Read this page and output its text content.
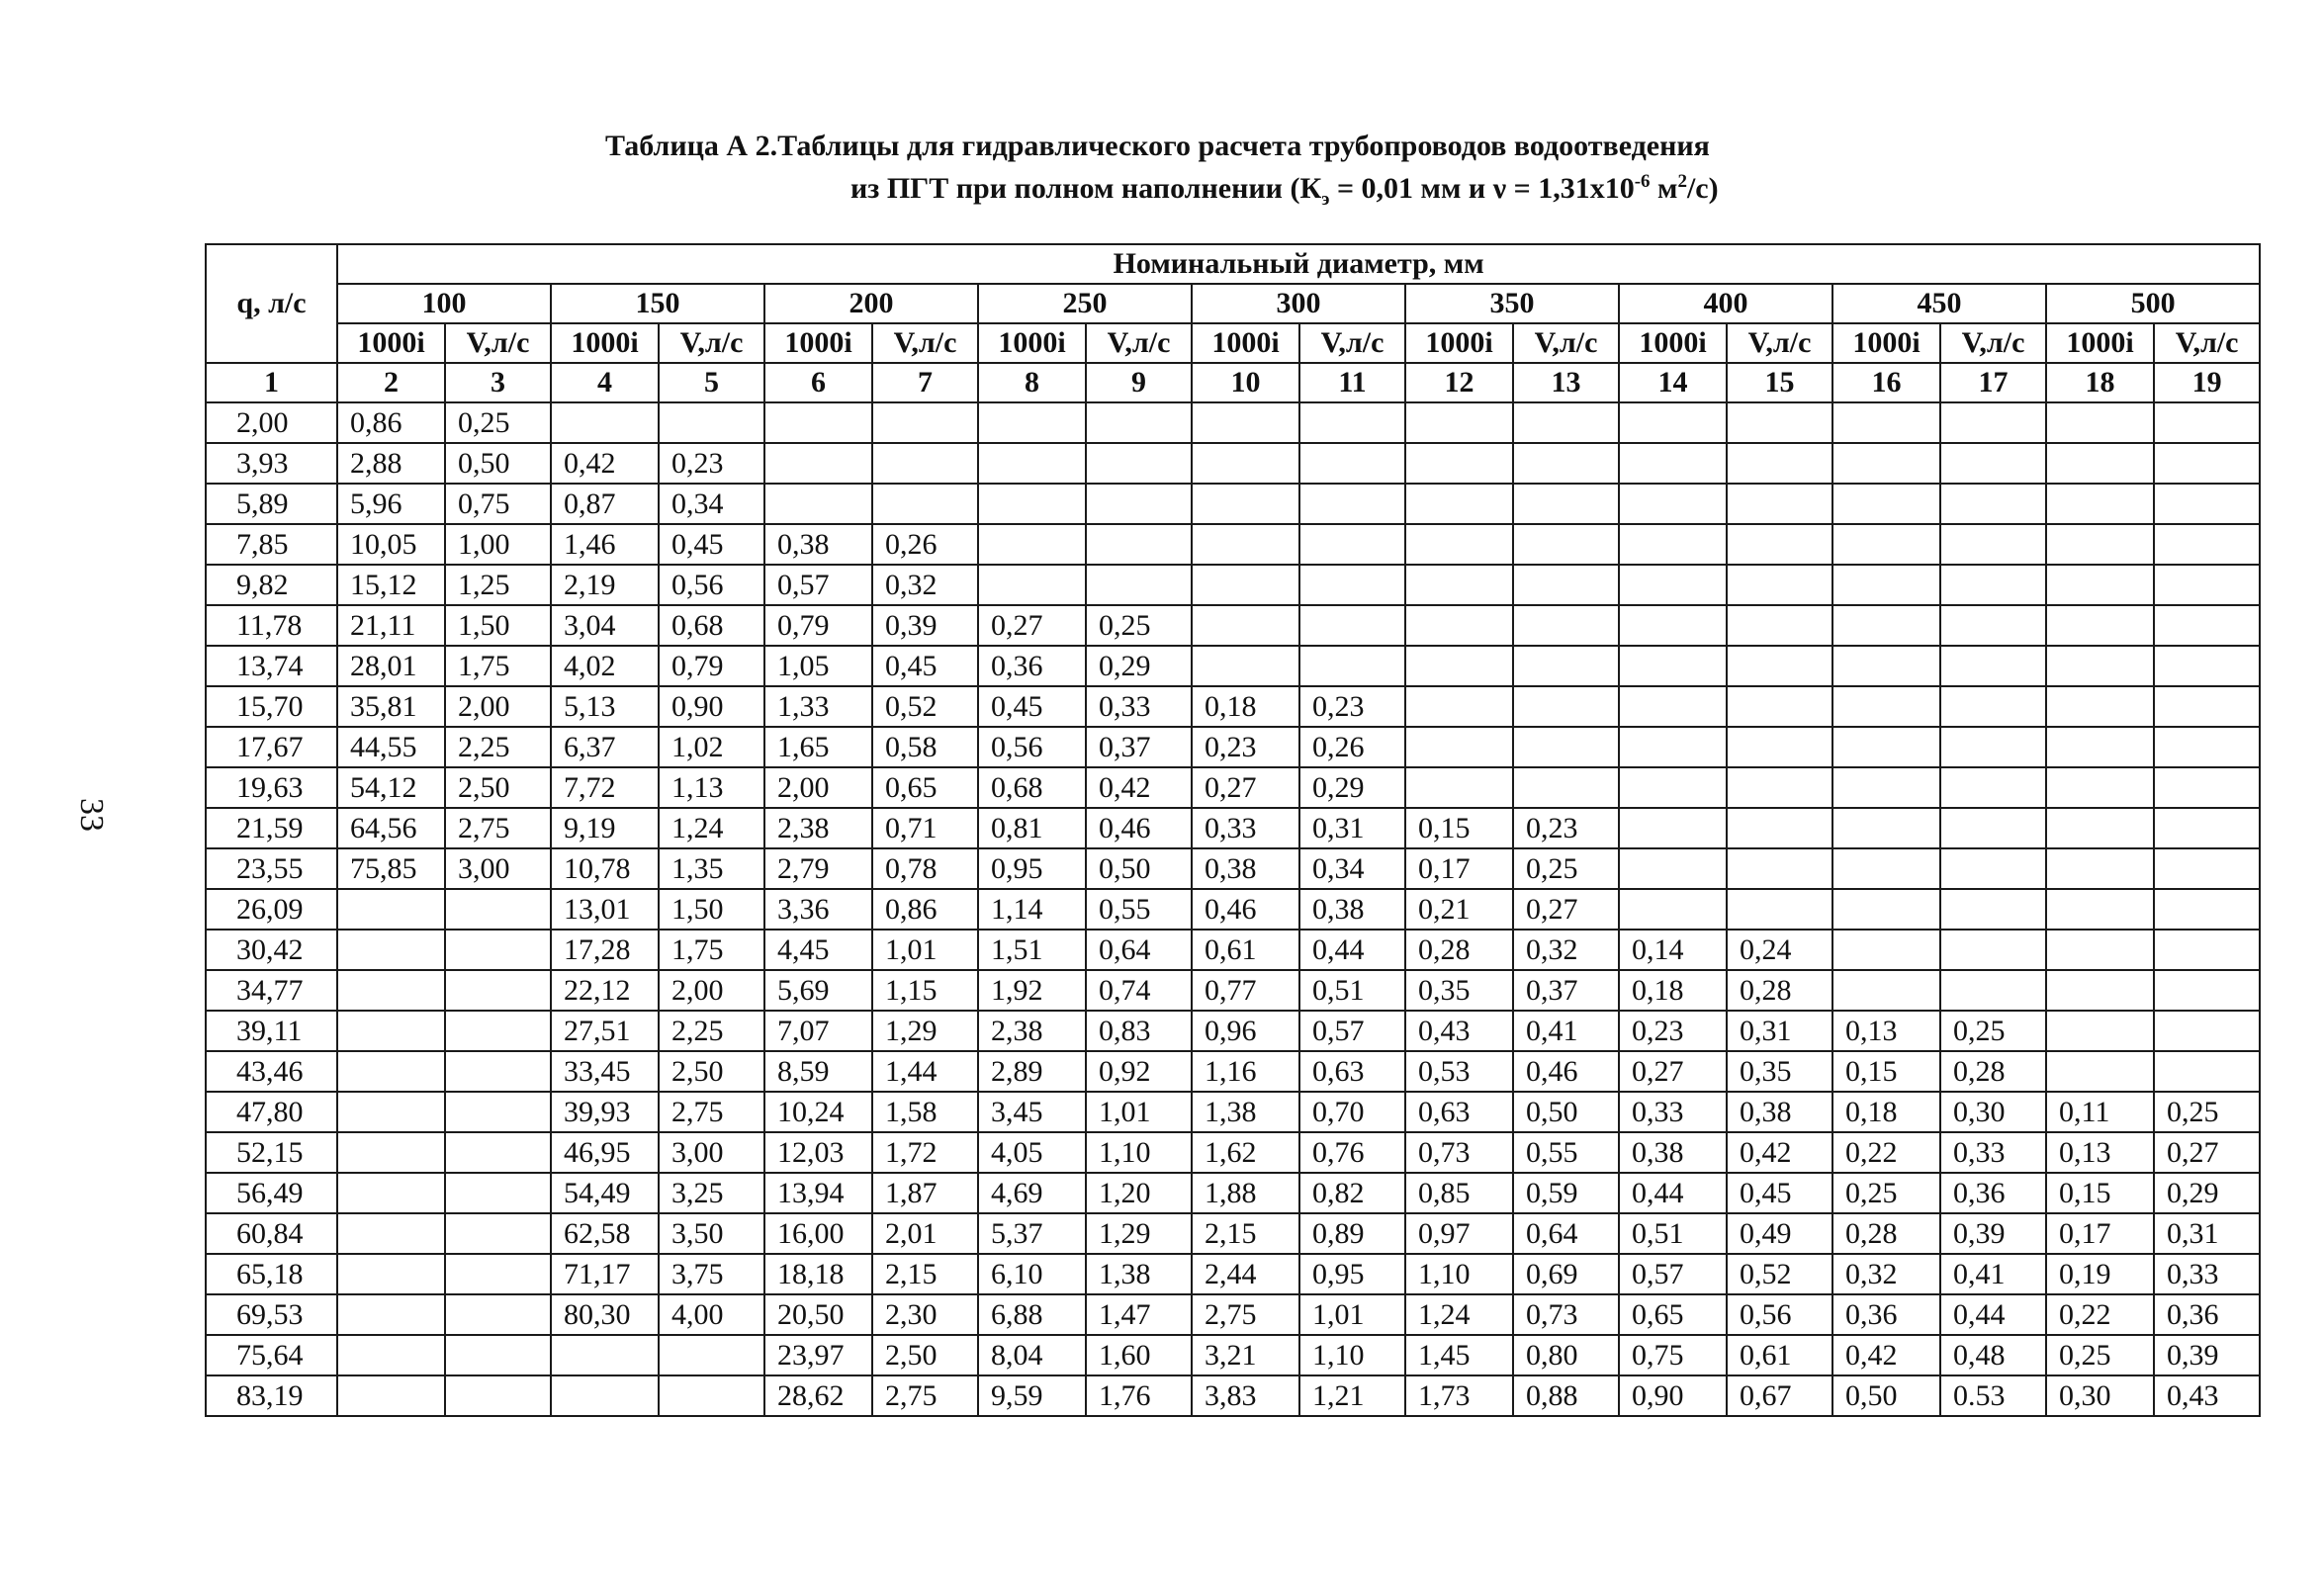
33
Таблица А 2.Таблицы для гидравлического расчета трубопроводов водоотведения
из ПГТ при полном наполнении ($К_э = 0,01$ мм и $\nu = 1,31х10^{-6}$ $м^2/с$)
q, л/с	Номинальный диаметр, мм																	
	100		150		200		250		300		350		400		450		500	
	1000i	V,л/с	1000i	V,л/с	1000i	V,л/с	1000i	V,л/с	1000i	V,л/с	1000i	V,л/с	1000i	V,л/с	1000i	V,л/с	1000i	V,л/с
1	2	3	4	5	6	7	8	9	10	11	12	13	14	15	16	17	18	19
2,00	0,86	0,25																
3,93	2,88	0,50	0,42	0,23														
5,89	5,96	0,75	0,87	0,34														
7,85	10,05	1,00	1,46	0,45	0,38	0,26												
9,82	15,12	1,25	2,19	0,56	0,57	0,32												
11,78	21,11	1,50	3,04	0,68	0,79	0,39	0,27	0,25										
13,74	28,01	1,75	4,02	0,79	1,05	0,45	0,36	0,29										
15,70	35,81	2,00	5,13	0,90	1,33	0,52	0,45	0,33	0,18	0,23								
17,67	44,55	2,25	6,37	1,02	1,65	0,58	0,56	0,37	0,23	0,26								
19,63	54,12	2,50	7,72	1,13	2,00	0,65	0,68	0,42	0,27	0,29								
21,59	64,56	2,75	9,19	1,24	2,38	0,71	0,81	0,46	0,33	0,31	0,15	0,23						
23,55	75,85	3,00	10,78	1,35	2,79	0,78	0,95	0,50	0,38	0,34	0,17	0,25						
26,09			13,01	1,50	3,36	0,86	1,14	0,55	0,46	0,38	0,21	0,27						
30,42			17,28	1,75	4,45	1,01	1,51	0,64	0,61	0,44	0,28	0,32	0,14	0,24				
34,77			22,12	2,00	5,69	1,15	1,92	0,74	0,77	0,51	0,35	0,37	0,18	0,28				
39,11			27,51	2,25	7,07	1,29	2,38	0,83	0,96	0,57	0,43	0,41	0,23	0,31	0,13	0,25		
43,46			33,45	2,50	8,59	1,44	2,89	0,92	1,16	0,63	0,53	0,46	0,27	0,35	0,15	0,28		
47,80			39,93	2,75	10,24	1,58	3,45	1,01	1,38	0,70	0,63	0,50	0,33	0,38	0,18	0,30	0,11	0,25
52,15			46,95	3,00	12,03	1,72	4,05	1,10	1,62	0,76	0,73	0,55	0,38	0,42	0,22	0,33	0,13	0,27
56,49			54,49	3,25	13,94	1,87	4,69	1,20	1,88	0,82	0,85	0,59	0,44	0,45	0,25	0,36	0,15	0,29
60,84			62,58	3,50	16,00	2,01	5,37	1,29	2,15	0,89	0,97	0,64	0,51	0,49	0,28	0,39	0,17	0,31
65,18			71,17	3,75	18,18	2,15	6,10	1,38	2,44	0,95	1,10	0,69	0,57	0,52	0,32	0,41	0,19	0,33
69,53			80,30	4,00	20,50	2,30	6,88	1,47	2,75	1,01	1,24	0,73	0,65	0,56	0,36	0,44	0,22	0,36
75,64					23,97	2,50	8,04	1,60	3,21	1,10	1,45	0,80	0,75	0,61	0,42	0,48	0,25	0,39
83,19					28,62	2,75	9,59	1,76	3,83	1,21	1,73	0,88	0,90	0,67	0,50	0.53	0,30	0,43
